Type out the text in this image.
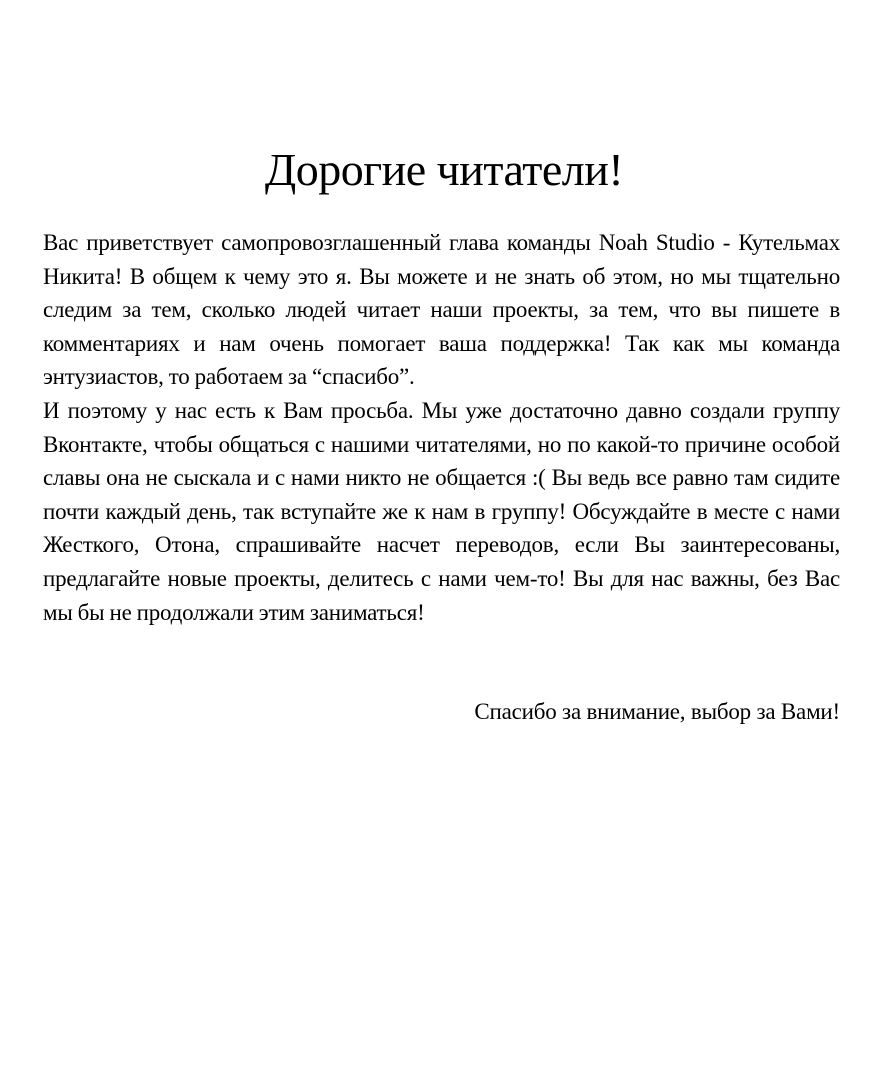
Дорогие читатели!

Вас приветствует самопровозглашенный глава команды Noah Studio - Кутельмах Никита! В общем к чему это я. Вы можете и не знать об этом, но мы тщательно следим за тем, сколько людей читает наши проекты, за тем, что вы пишете в комментариях и нам очень помогает ваша поддержка! Так как мы команда энтузиастов, то работаем за “спасибо”.

И поэтому у нас есть к Вам просьба. Мы уже достаточно давно создали группу Вконтакте, чтобы общаться с нашими читателями, но по какой-то причине особой славы она не сыскала и с нами никто не общается :( Вы ведь все равно там сидите почти каждый день, так вступайте же к нам в группу! Обсуждайте в месте с нами Жесткого, Отона, спрашивайте насчет переводов, если Вы заинтересованы, предлагайте новые проекты, делитесь с нами чем-то! Вы для нас важны, без Вас мы бы не продолжали этим заниматься!

Спасибо за внимание, выбор за Вами!
